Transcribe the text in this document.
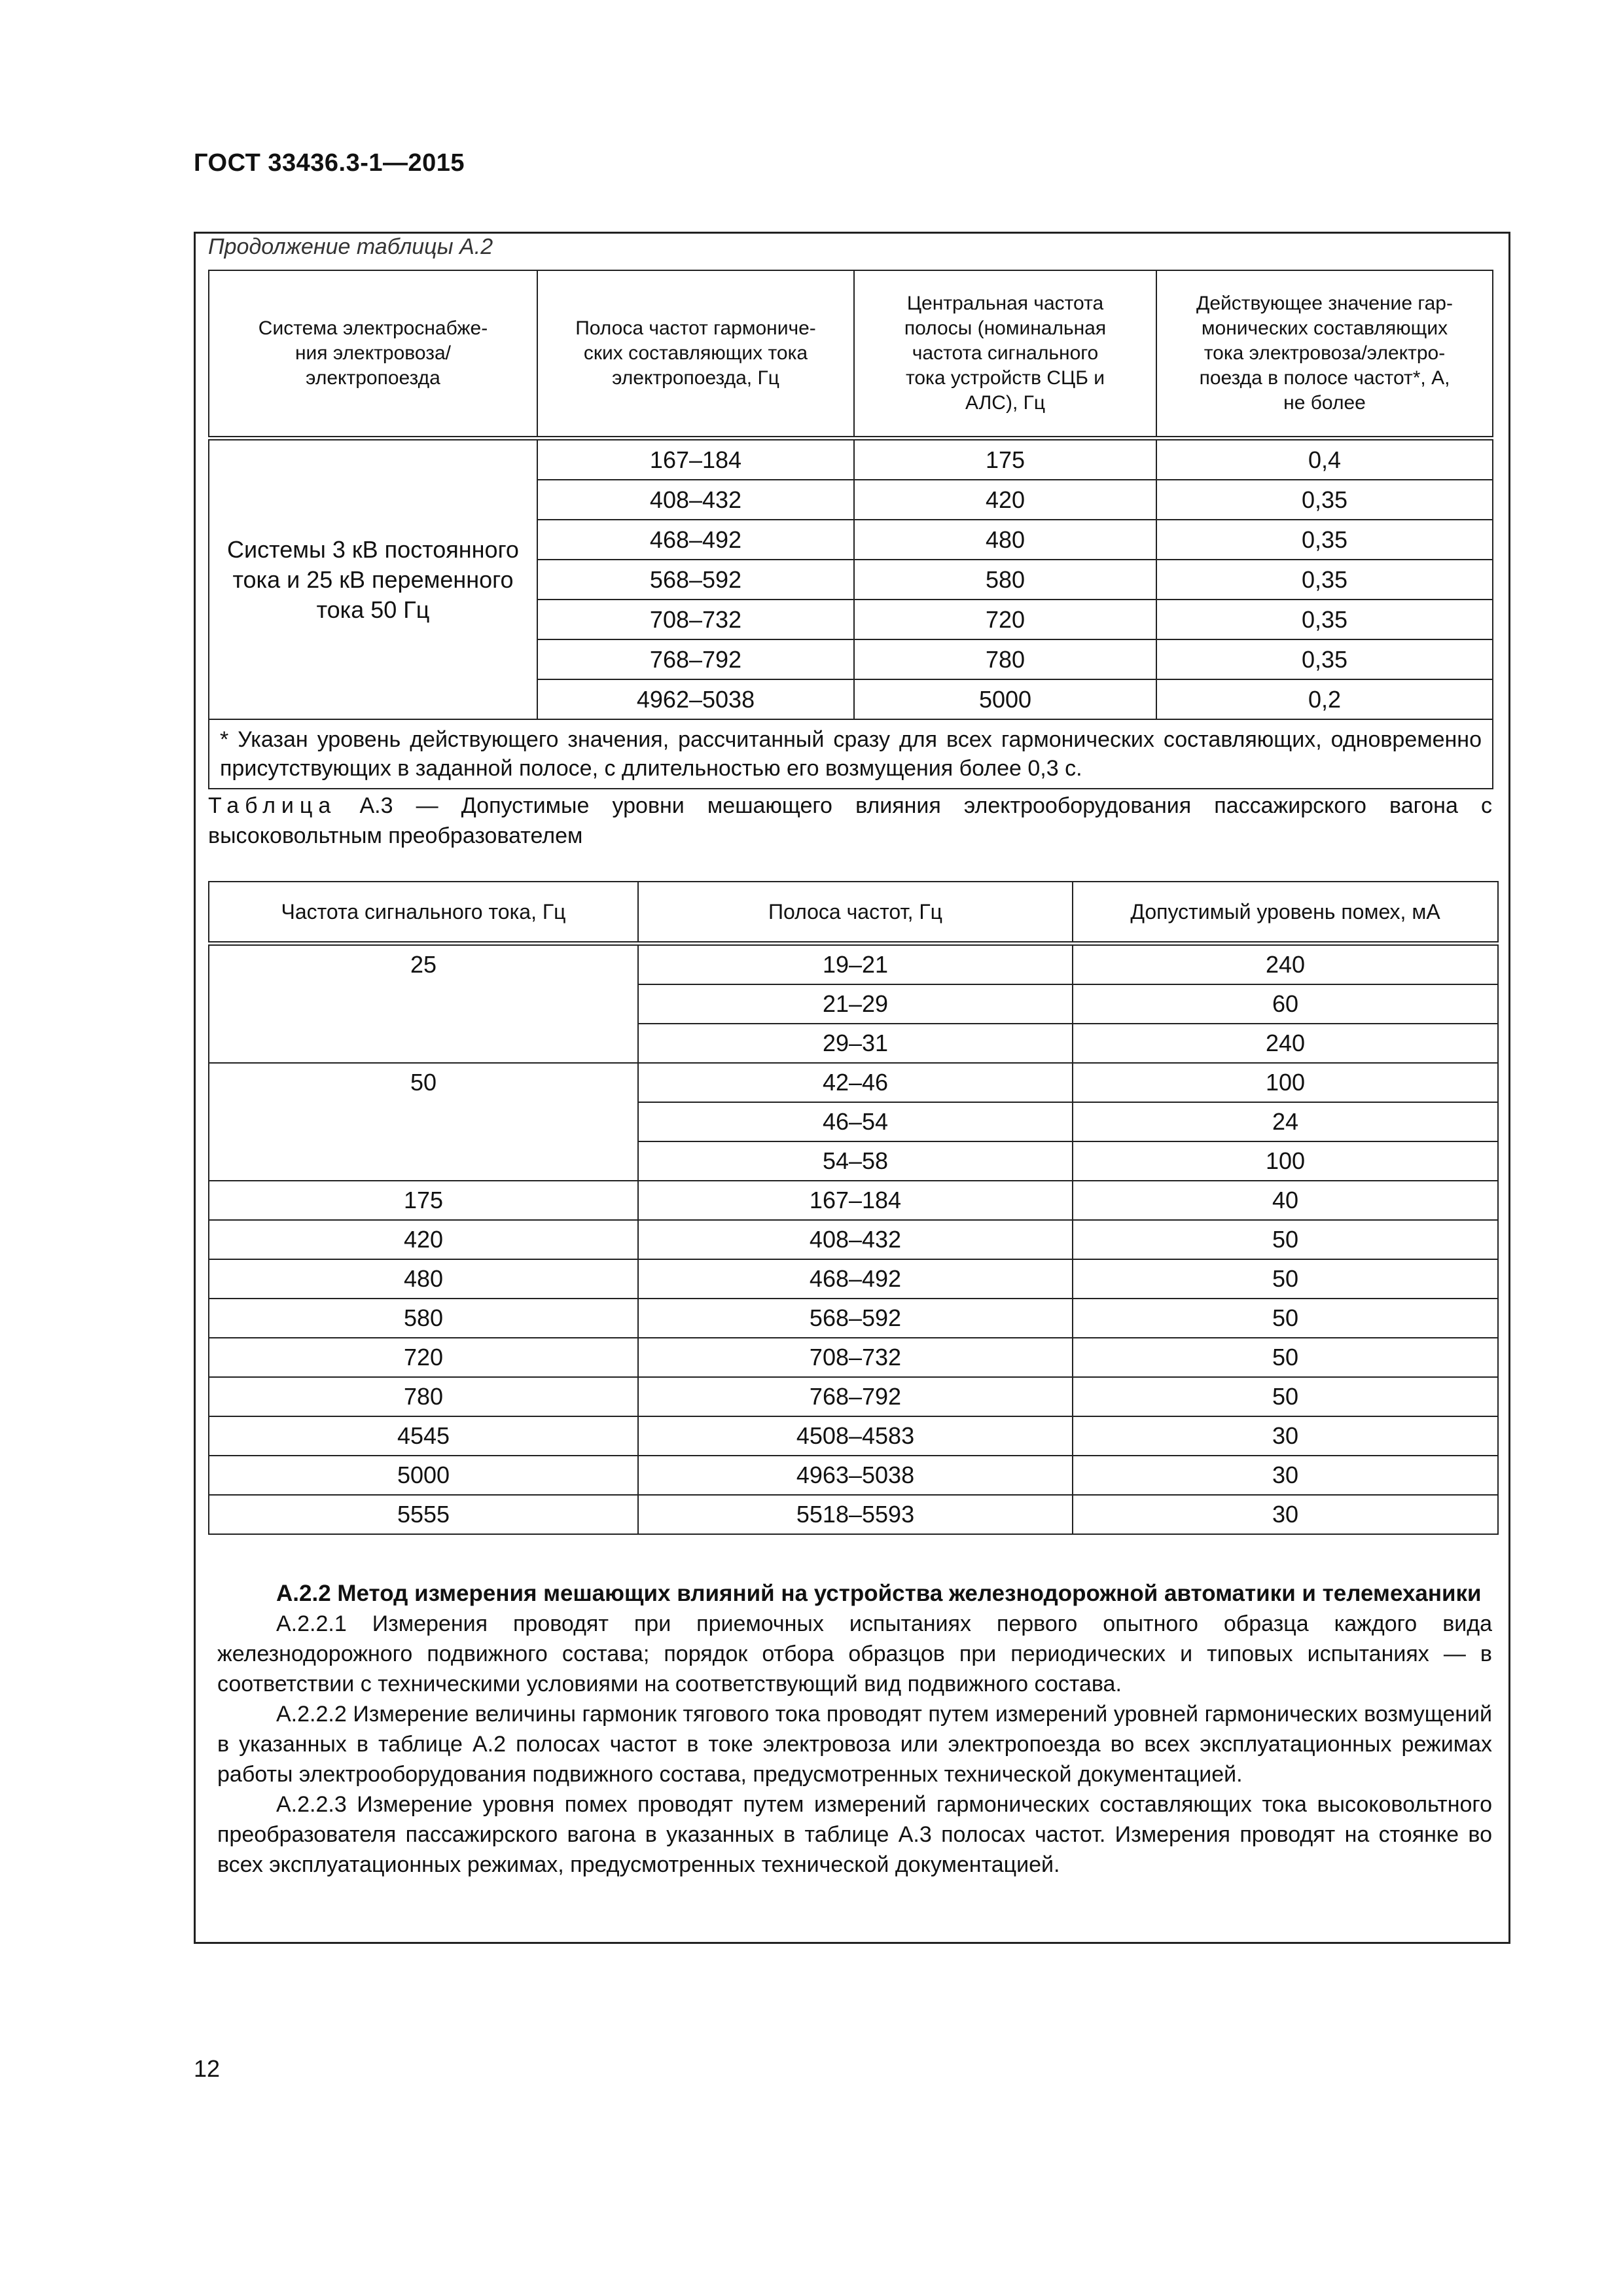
ГОСТ 33436.3-1—2015
Продолжение таблицы А.2
Система электроснабже-
ния электровоза/
электропоезда	Полоса частот гармониче-
ских составляющих тока
электропоезда, Гц	Центральная частота
полосы (номинальная
частота сигнального
тока устройств СЦБ и
АЛС), Гц	Действующее значение гар-
монических составляющих
тока электровоза/электро-
поезда в полосе частот*, А,
не более
Системы 3 кВ постоянного
тока и 25 кВ переменного
тока 50 Гц	167–184	175	0,4
	408–432	420	0,35
	468–492	480	0,35
	568–592	580	0,35
	708–732	720	0,35
	768–792	780	0,35
	4962–5038	5000	0,2
* Указан уровень действующего значения, рассчитанный сразу для всех гармонических составляющих, одновременно присутствующих в заданной полосе, с длительностью его возмущения более 0,3 с.			
Таблица А.3 — Допустимые уровни мешающего влияния электрооборудования пассажирского вагона с высоковольтным преобразователем
Частота сигнального тока, Гц	Полоса частот, Гц	Допустимый уровень помех, мА
25	19–21	240
	21–29	60
	29–31	240
50	42–46	100
	46–54	24
	54–58	100
175	167–184	40
420	408–432	50
480	468–492	50
580	568–592	50
720	708–732	50
780	768–792	50
4545	4508–4583	30
5000	4963–5038	30
5555	5518–5593	30
А.2.2 Метод измерения мешающих влияний на устройства железнодорожной автоматики и телемеханики

А.2.2.1 Измерения проводят при приемочных испытаниях первого опытного образца каждого вида железнодорожного подвижного состава; порядок отбора образцов при периодических и типовых испытаниях — в соответствии с техническими условиями на соответствующий вид подвижного состава.

А.2.2.2 Измерение величины гармоник тягового тока проводят путем измерений уровней гармонических возмущений в указанных в таблице А.2 полосах частот в токе электровоза или электропоезда во всех эксплуатационных режимах работы электрооборудования подвижного состава, предусмотренных технической документацией.

А.2.2.3 Измерение уровня помех проводят путем измерений гармонических составляющих тока высоковольтного преобразователя пассажирского вагона в указанных в таблице А.3 полосах частот. Измерения проводят на стоянке во всех эксплуатационных режимах, предусмотренных технической документацией.

12
